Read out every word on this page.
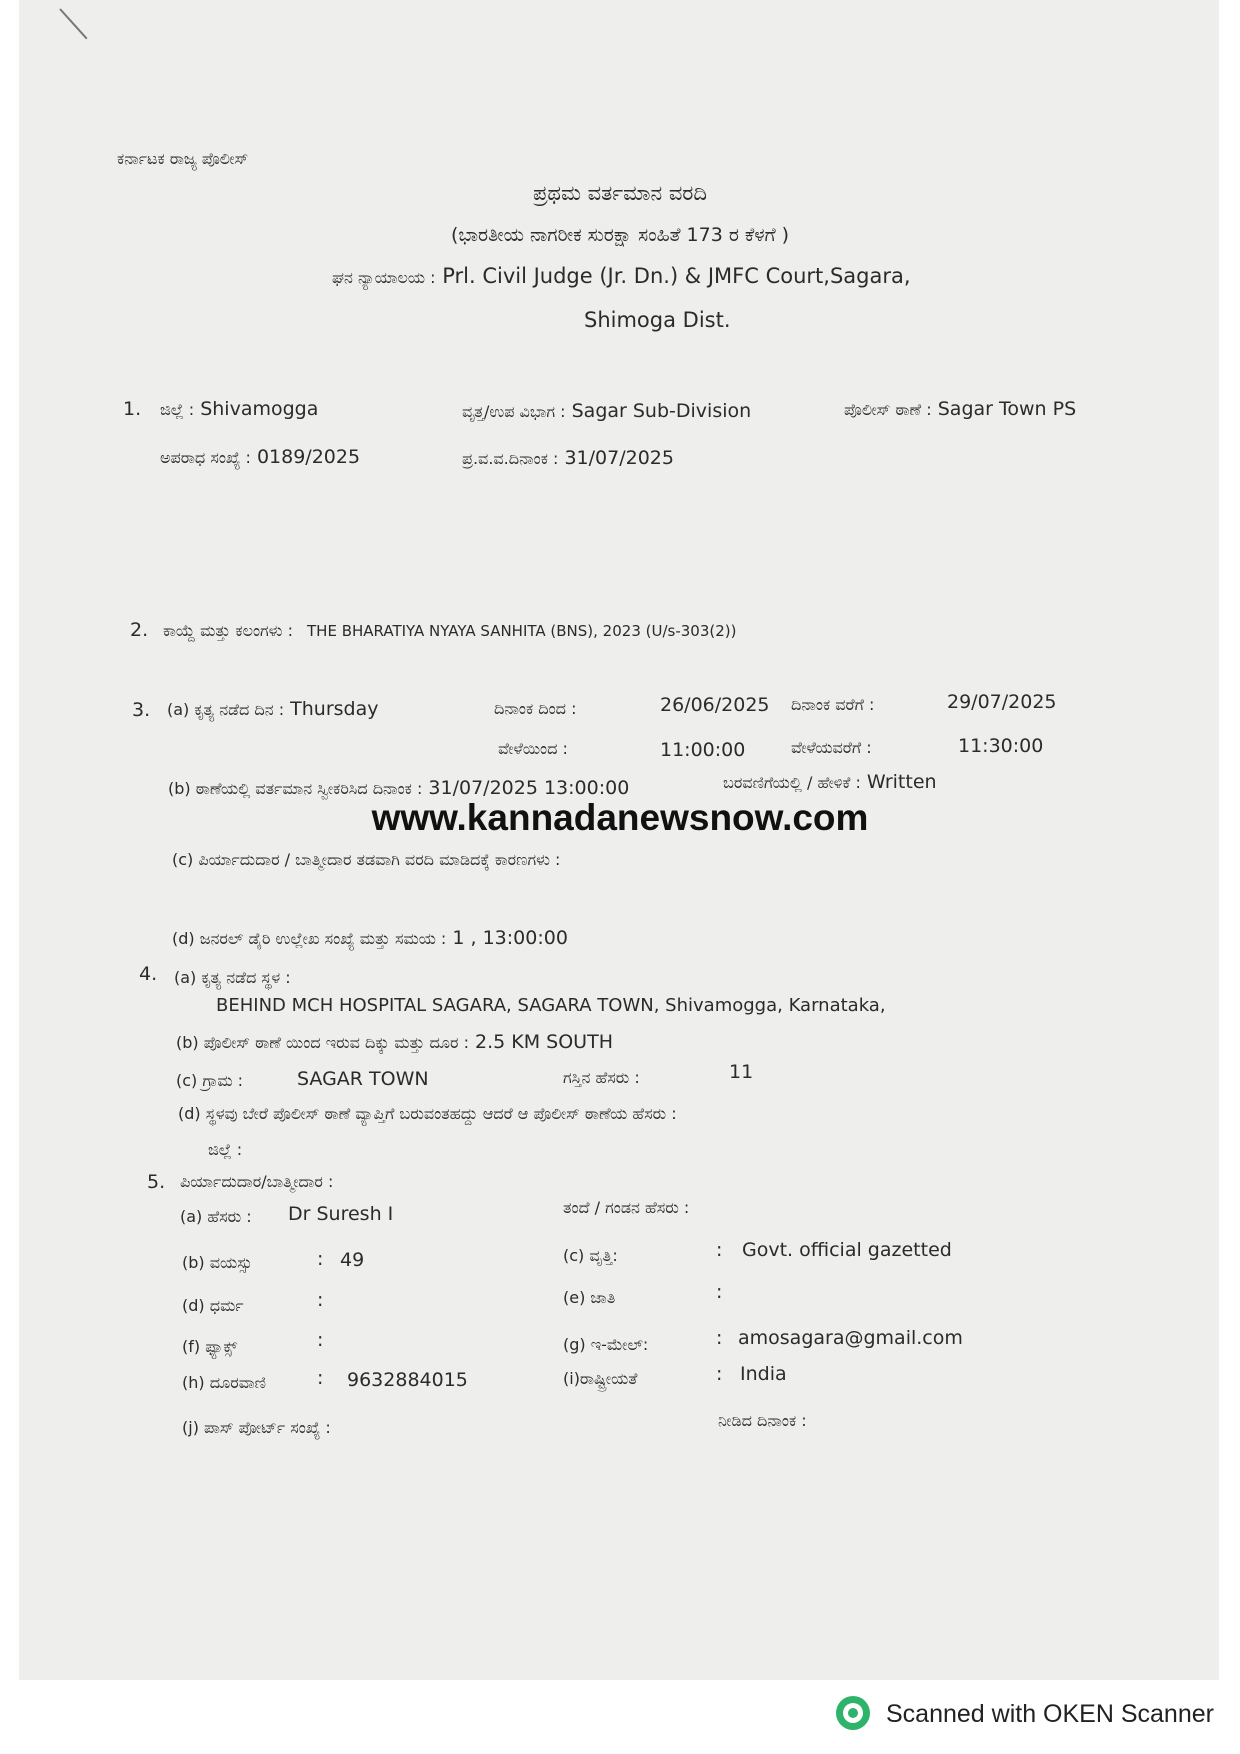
ಕರ್ನಾಟಕ ರಾಜ್ಯ ಪೊಲೀಸ್
ಪ್ರಥಮ ವರ್ತಮಾನ ವರದಿ
(ಭಾರತೀಯ ನಾಗರೀಕ ಸುರಕ್ಷಾ ಸಂಹಿತೆ 173 ರ ಕೆಳಗೆ )
ಘನ ನ್ಯಾಯಾಲಯ : Prl. Civil Judge (Jr. Dn.) & JMFC Court,Sagara,
Shimoga Dist.
1. ಜಿಲ್ಲೆ : Shivamogga	ವೃತ್ತ/ಉಪ ವಿಭಾಗ : Sagar Sub-Division	ಪೊಲೀಸ್ ಠಾಣೆ : Sagar Town PS
ಅಪರಾಧ ಸಂಖ್ಯೆ : 0189/2025	ಪ್ರ.ವ.ವ.ದಿನಾಂಕ : 31/07/2025
2. ಕಾಯ್ದೆ ಮತ್ತು ಕಲಂಗಳು : THE BHARATIYA NYAYA SANHITA (BNS), 2023 (U/s-303(2))
3. (a) ಕೃತ್ಯ ನಡೆದ ದಿನ : Thursday	ದಿನಾಂಕ ದಿಂದ :	26/06/2025 ದಿನಾಂಕ ವರೆಗೆ :	29/07/2025
ವೇಳೆಯಿಂದ :	11:00:00	ವೇಳೆಯವರೆಗೆ :	11:30:00
(b) ಠಾಣೆಯಲ್ಲಿ ವರ್ತಮಾನ ಸ್ವೀಕರಿಸಿದ ದಿನಾಂಕ : 31/07/2025 13:00:00	ಬರವಣಿಗೆಯಲ್ಲಿ / ಹೇಳಿಕೆ : Written
www.kannadanewsnow.com
(c) ಪಿರ್ಯಾದುದಾರ / ಬಾತ್ಮೀದಾರ ತಡವಾಗಿ ವರದಿ ಮಾಡಿದಕ್ಕೆ ಕಾರಣಗಳು :
(d) ಜನರಲ್ ಡೈರಿ ಉಲ್ಲೇಖ ಸಂಖ್ಯೆ ಮತ್ತು ಸಮಯ : 1 , 13:00:00
4. (a) ಕೃತ್ಯ ನಡೆದ ಸ್ಥಳ :
BEHIND MCH HOSPITAL SAGARA, SAGARA TOWN, Shivamogga, Karnataka,
(b) ಪೊಲೀಸ್ ಠಾಣೆ ಯಿಂದ ಇರುವ ದಿಕ್ಕು ಮತ್ತು ದೂರ : 2.5 KM SOUTH
(c) ಗ್ರಾಮ :	SAGAR TOWN	ಗಸ್ತಿನ ಹೆಸರು :	11
(d) ಸ್ಥಳವು ಬೇರೆ ಪೊಲೀಸ್ ಠಾಣೆ ವ್ಯಾಪ್ತಿಗೆ ಬರುವಂತಹದ್ದು ಆದರೆ ಆ ಪೊಲೀಸ್ ಠಾಣೆಯ ಹೆಸರು :
ಜಿಲ್ಲೆ :
5. ಪಿರ್ಯಾದುದಾರ/ಬಾತ್ಮೀದಾರ :
(a) ಹೆಸರು : Dr Suresh I	ತಂದೆ / ಗಂಡನ ಹೆಸರು :
(b) ವಯಸ್ಸು	: 49	(c) ವೃತ್ತಿ:	: Govt. official gazetted
(d) ಧರ್ಮ	:	(e) ಜಾತಿ	:
(f) ಫ್ಯಾಕ್ಸ್	:	(g) ಇ-ಮೇಲ್:	: amosagara@gmail.com
(h) ದೂರವಾಣಿ	: 9632884015	(i)ರಾಷ್ಟ್ರೀಯತೆ	: India
(j) ಪಾಸ್ ಪೋರ್ಟ್ ಸಂಖ್ಯೆ :	ನೀಡಿದ ದಿನಾಂಕ :
Scanned with OKEN Scanner
